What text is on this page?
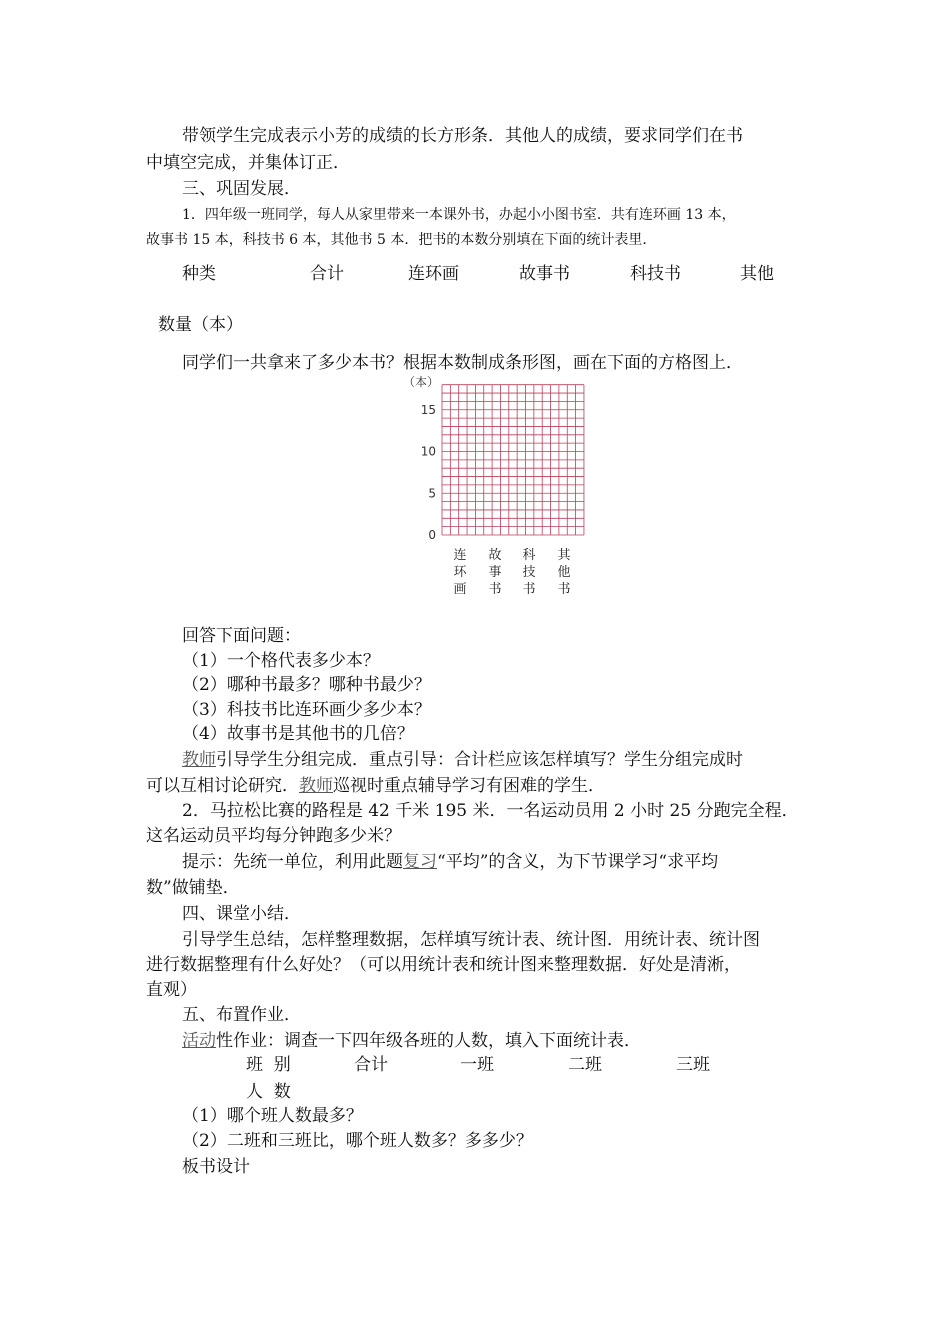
带领学生完成表示小芳的成绩的长方形条．其他人的成绩，要求同学们在书
中填空完成，并集体订正．
三、巩固发展．
1．四年级一班同学，每人从家里带来一本课外书，办起小小图书室．共有连环画 13 本，
故事书 15 本，科技书 6 本，其他书 5 本．把书的本数分别填在下面的统计表里．
种类	合计	连环画	故事书	科技书	其他
数量（本）
同学们一共拿来了多少本书？根据本数制成条形图，画在下面的方格图上．
（本）
0
5
10
15
连
环
画
故
事
书
科
技
书
其
他
书
回答下面问题：
（1）一个格代表多少本？
（2）哪种书最多？哪种书最少？
（3）科技书比连环画少多少本？
（4）故事书是其他书的几倍？
教师引导学生分组完成．重点引导：合计栏应该怎样填写？学生分组完成时
可以互相讨论研究．教师巡视时重点辅导学习有困难的学生．
2．马拉松比赛的路程是 42 千米 195 米．一名运动员用 2 小时 25 分跑完全程．
这名运动员平均每分钟跑多少米？
提示：先统一单位，利用此题复习“平均”的含义，为下节课学习“求平均
数”做铺垫．
四、课堂小结．
引导学生总结，怎样整理数据，怎样填写统计表、统计图．用统计表、统计图
进行数据整理有什么好处？（可以用统计表和统计图来整理数据．好处是清淅，
直观）
五、布置作业．
活动性作业：调查一下四年级各班的人数，填入下面统计表．
班  别	合计	一班	二班	三班
人  数
（1）哪个班人数最多？
（2）二班和三班比，哪个班人数多？多多少？
板书设计
